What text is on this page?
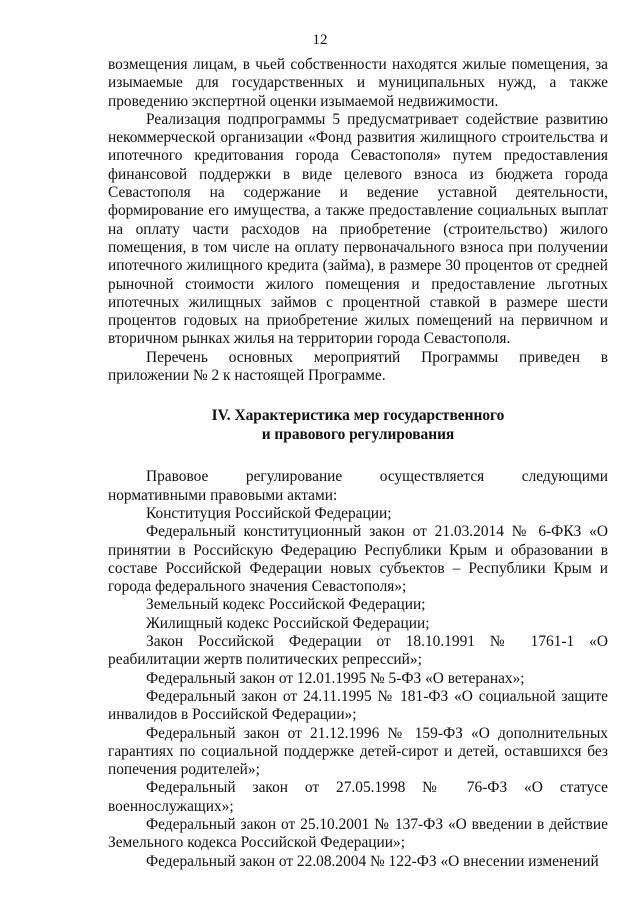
12

возмещения лицам, в чьей собственности находятся жилые помещения, за изымаемые для государственных и муниципальных нужд, а также проведению экспертной оценки изымаемой недвижимости.

Реализация подпрограммы 5 предусматривает содействие развитию некоммерческой организации «Фонд развития жилищного строительства и ипотечного кредитования города Севастополя» путем предоставления финансовой поддержки в виде целевого взноса из бюджета города Севастополя на содержание и ведение уставной деятельности, формирование его имущества, а также предоставление социальных выплат на оплату части расходов на приобретение (строительство) жилого помещения, в том числе на оплату первоначального взноса при получении ипотечного жилищного кредита (займа), в размере 30 процентов от средней рыночной стоимости жилого помещения и предоставление льготных ипотечных жилищных займов с процентной ставкой в размере шести процентов годовых на приобретение жилых помещений на первичном и вторичном рынках жилья на территории города Севастополя.

Перечень основных мероприятий Программы приведен в приложении № 2 к настоящей Программе.

IV. Характеристика мер государственного
и правового регулирования

Правовое регулирование осуществляется следующими нормативными правовыми актами:

Конституция Российской Федерации;

Федеральный конституционный закон от 21.03.2014 № 6-ФКЗ «О принятии в Российскую Федерацию Республики Крым и образовании в составе Российской Федерации новых субъектов – Республики Крым и города федерального значения Севастополя»;

Земельный кодекс Российской Федерации;

Жилищный кодекс Российской Федерации;

Закон Российской Федерации от 18.10.1991 № 1761-1 «О реабилитации жертв политических репрессий»;

Федеральный закон от 12.01.1995 № 5-ФЗ «О ветеранах»;

Федеральный закон от 24.11.1995 № 181-ФЗ «О социальной защите инвалидов в Российской Федерации»;

Федеральный закон от 21.12.1996 № 159-ФЗ «О дополнительных гарантиях по социальной поддержке детей-сирот и детей, оставшихся без попечения родителей»;

Федеральный закон от 27.05.1998 № 76-ФЗ «О статусе военнослужащих»;

Федеральный закон от 25.10.2001 № 137-ФЗ «О введении в действие Земельного кодекса Российской Федерации»;

Федеральный закон от 22.08.2004 № 122-ФЗ «О внесении изменений
